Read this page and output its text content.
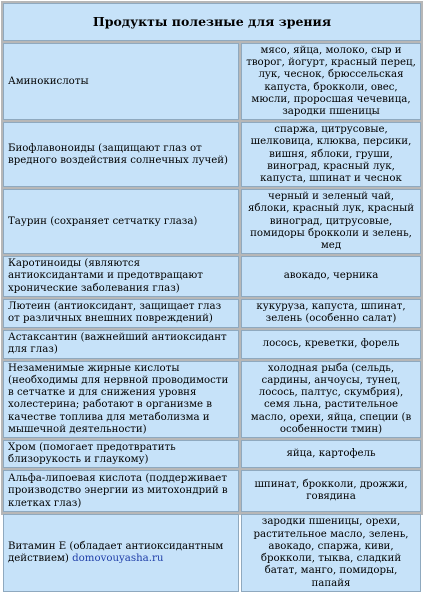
Продукты полезные для зрения	
Аминокислоты	мясо, яйца, молоко, сыр и творог, йогурт, красный перец, лук, чеснок, брюссельская капуста, брокколи, овес, мюсли, проросшая чечевица, зародки пшеницы
Биофлавоноиды (защищают глаз от вредного воздействия солнечных лучей)	спаржа, цитрусовые, шелковица, клюква, персики, вишня, яблоки, груши, виноград, красный лук, капуста, шпинат и чеснок
Таурин (сохраняет сетчатку глаза)	черный и зеленый чай, яблоки, красный лук, красный виноград, цитрусовые, помидоры брокколи и зелень, мед
Каротиноиды (являются антиоксидантами и предотвращают хронические заболевания глаз)	авокадо, черника
Лютеин (антиоксидант, защищает глаз от различных внешних повреждений)	кукуруза, капуста, шпинат, зелень (особенно салат)
Астаксантин (важнейший антиоксидант для глаз)	лосось, креветки, форель
Незаменимые жирные кислоты (необходимы для нервной проводимости в сетчатке и для снижения уровня холестерина; работают в организме в качестве топлива для метаболизма и мышечной деятельности)	холодная рыба (сельдь, сардины, анчоусы, тунец, лосось, палтус, скумбрия), семя льна, растительное масло, орехи, яйца, специи (в особенности тмин)
Хром (помогает предотвратить близорукость и глаукому)	яйца, картофель
Альфа-липоевая кислота (поддерживает производство энергии из митохондрий в клетках глаз)	шпинат, брокколи, дрожжи, говядина
Витамин Е (обладает антиоксидантным действием) domovouyasha.ru	зародки пшеницы, орехи, растительное масло, зелень, авокадо, спаржа, киви, брокколи, тыква, сладкий батат, манго, помидоры, папайя
